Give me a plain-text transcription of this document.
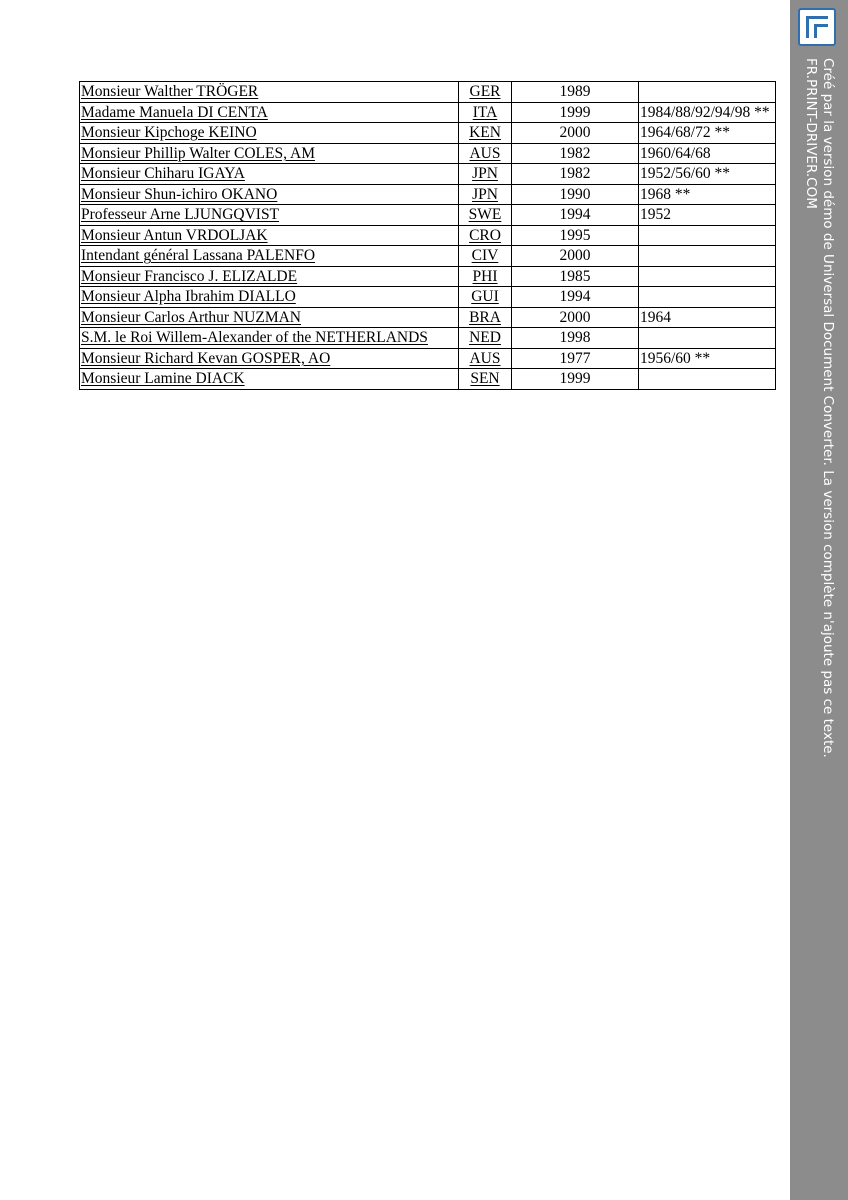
Monsieur Walther TRÖGER	GER	1989	
Madame Manuela DI CENTA	ITA	1999	1984/88/92/94/98 **
Monsieur Kipchoge KEINO	KEN	2000	1964/68/72 **
Monsieur Phillip Walter COLES, AM	AUS	1982	1960/64/68
Monsieur Chiharu IGAYA	JPN	1982	1952/56/60 **
Monsieur Shun-ichiro OKANO	JPN	1990	1968 **
Professeur Arne LJUNGQVIST	SWE	1994	1952
Monsieur Antun VRDOLJAK	CRO	1995	
Intendant général Lassana PALENFO	CIV	2000	
Monsieur Francisco J. ELIZALDE	PHI	1985	
Monsieur Alpha Ibrahim DIALLO	GUI	1994	
Monsieur Carlos Arthur NUZMAN	BRA	2000	1964
S.M. le Roi Willem-Alexander of the NETHERLANDS	NED	1998	
Monsieur Richard Kevan GOSPER, AO	AUS	1977	1956/60 **
Monsieur Lamine DIACK	SEN	1999		Créé par la version démo de Universal Document Converter. La version complète n'ajoute pas ce texte.
FR.PRINT-DRIVER.COM
